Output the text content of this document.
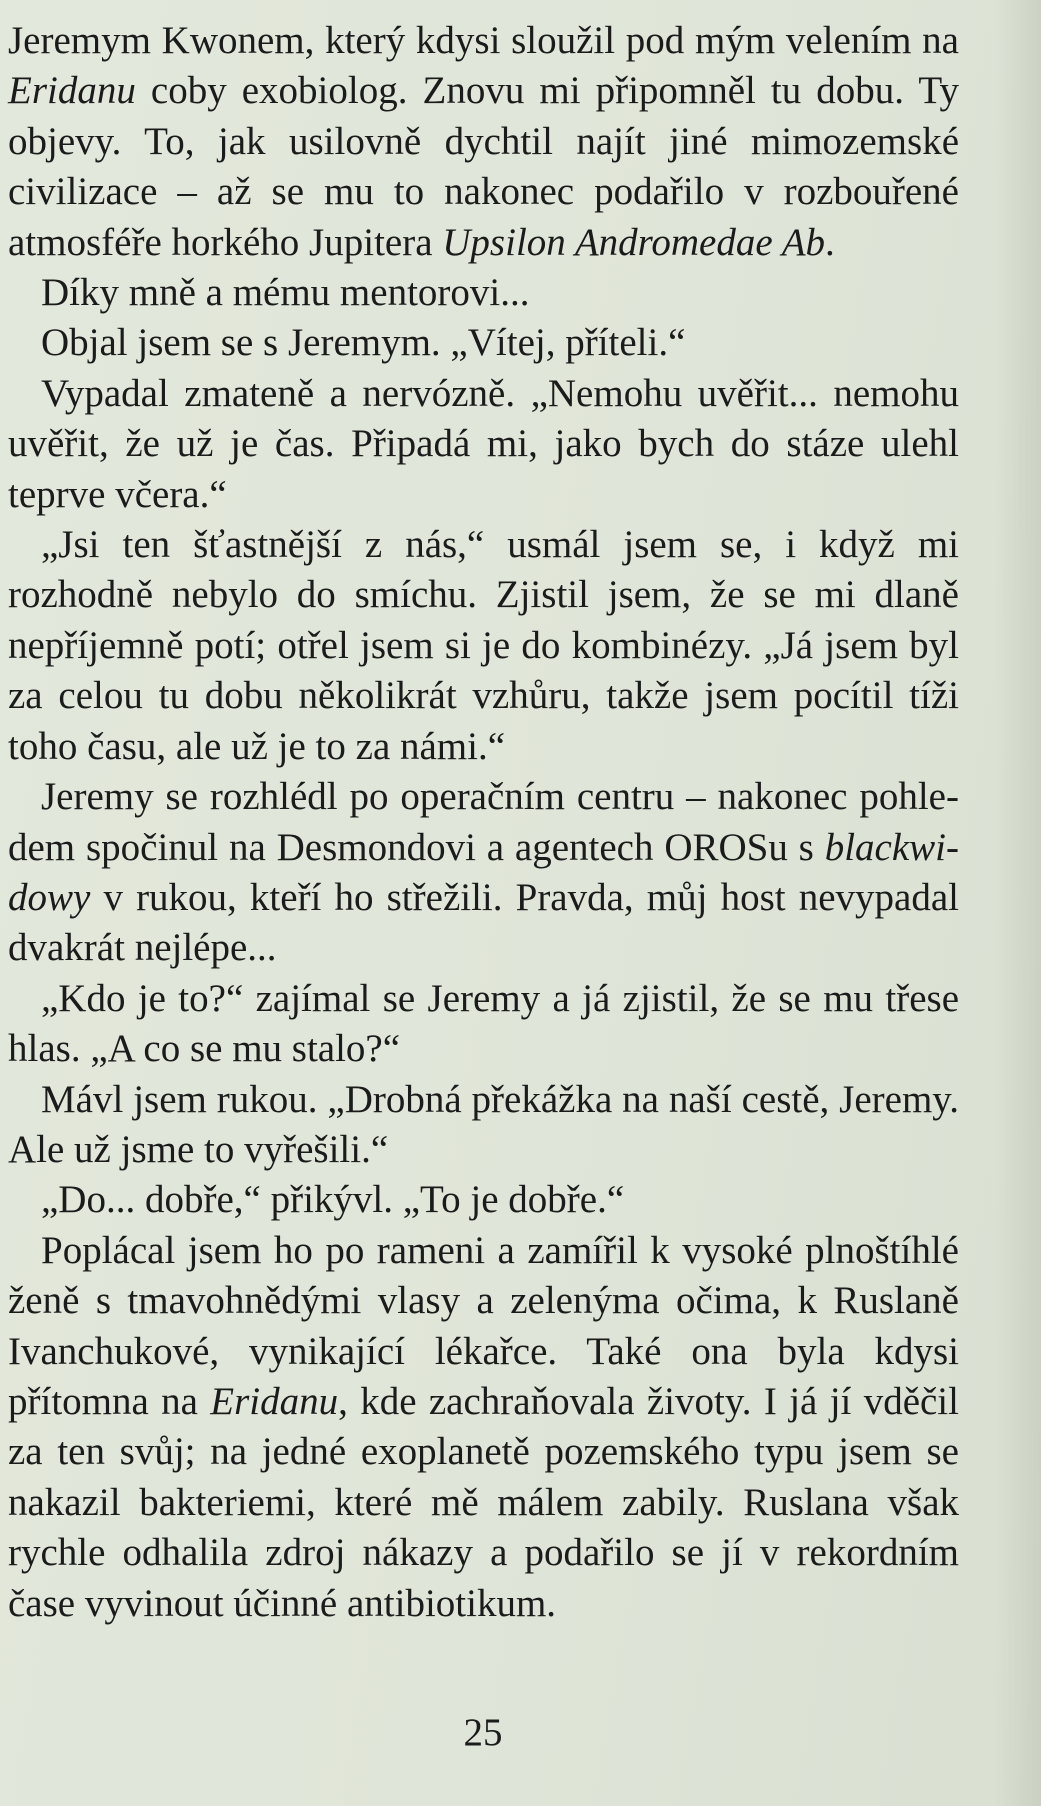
Jeremym Kwonem, který kdysi sloužil pod mým velením na Eridanu coby exobiolog. Znovu mi připomněl tu dobu. Ty objevy. To, jak usilovně dychtil najít jiné mimozemské civilizace – až se mu to nakonec podařilo v rozbouřené atmosféře horkého Jupitera Upsilon Andromedae Ab.

Díky mně a mému mentorovi...

Objal jsem se s Jeremym. „Vítej, příteli.“

Vypadal zmateně a nervózně. „Nemohu uvěřit... nemohu uvěřit, že už je čas. Připadá mi, jako bych do stáze ulehl teprve včera.“

„Jsi ten šťastnější z nás,“ usmál jsem se, i když mi rozhodně nebylo do smíchu. Zjistil jsem, že se mi dlaně nepříjemně potí; otřel jsem si je do kombinézy. „Já jsem byl za celou tu dobu několikrát vzhůru, takže jsem pocítil tíži toho času, ale už je to za námi.“

Jeremy se rozhlédl po operačním centru – nakonec pohledem spočinul na Desmondovi a agentech OROSu s blackwidowy v rukou, kteří ho střežili. Pravda, můj host nevypadal dvakrát nejlépe...

„Kdo je to?“ zajímal se Jeremy a já zjistil, že se mu třese hlas. „A co se mu stalo?“

Mávl jsem rukou. „Drobná překážka na naší cestě, Jeremy. Ale už jsme to vyřešili.“

„Do... dobře,“ přikývl. „To je dobře.“

Poplácal jsem ho po rameni a zamířil k vysoké plnoštíhlé ženě s tmavohnědými vlasy a zelenýma očima, k Ruslaně Ivanchukové, vynikající lékařce. Také ona byla kdysi přítomna na Eridanu, kde zachraňovala životy. I já jí vděčil za ten svůj; na jedné exoplanetě pozemského typu jsem se nakazil bakteriemi, které mě málem zabily. Ruslana však rychle odhalila zdroj nákazy a podařilo se jí v rekordním čase vyvinout účinné antibiotikum.

25
